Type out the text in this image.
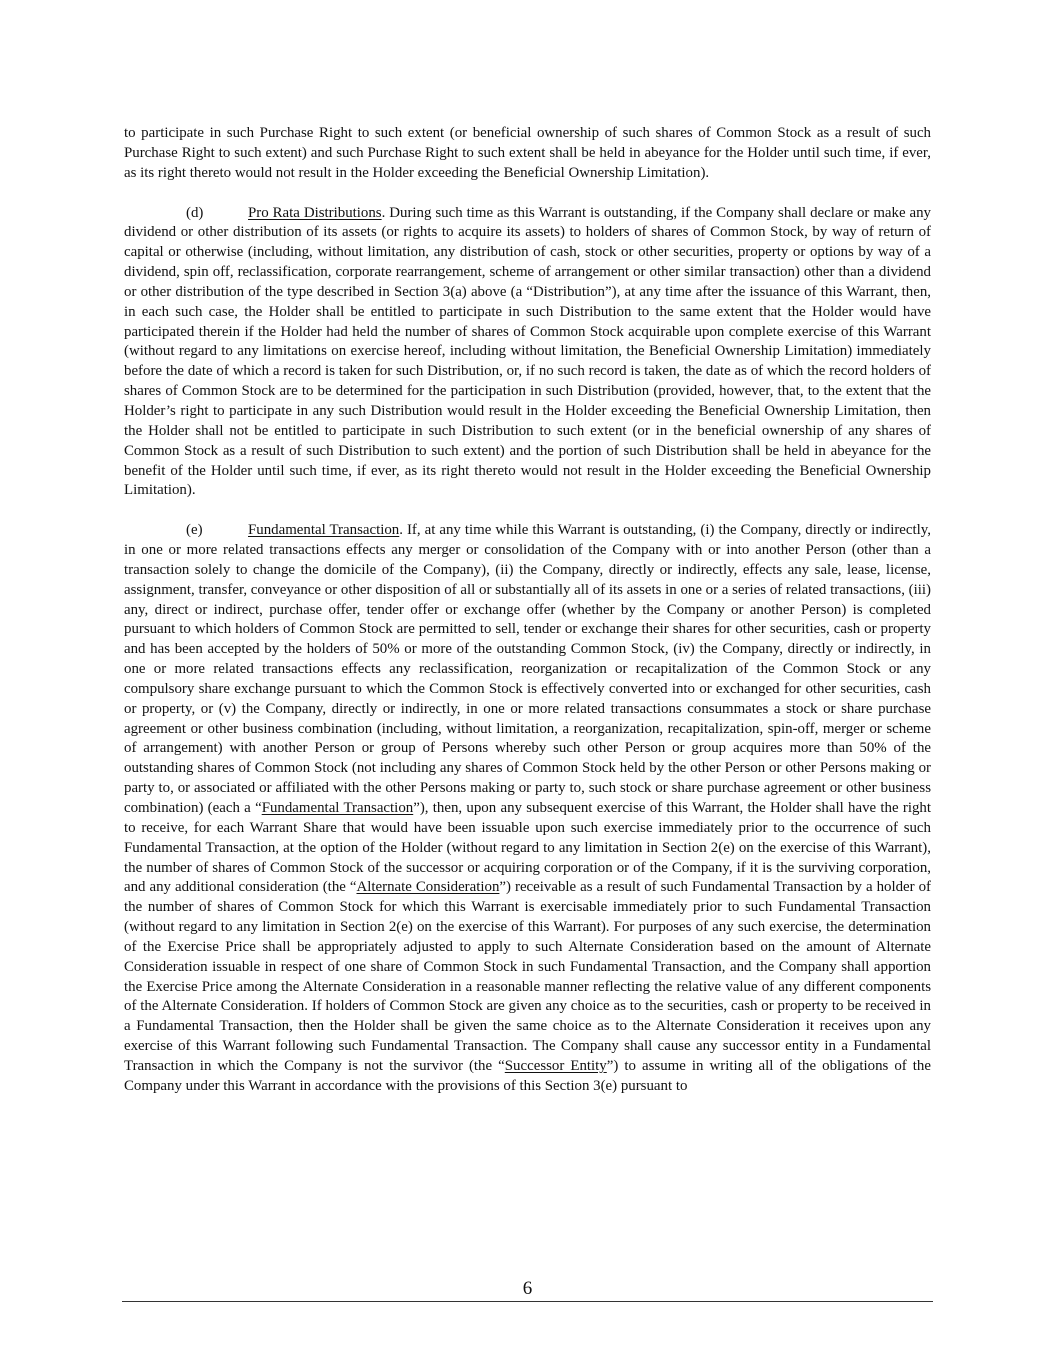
to participate in such Purchase Right to such extent (or beneficial ownership of such shares of Common Stock as a result of such Purchase Right to such extent) and such Purchase Right to such extent shall be held in abeyance for the Holder until such time, if ever, as its right thereto would not result in the Holder exceeding the Beneficial Ownership Limitation).

(d)	Pro Rata Distributions. During such time as this Warrant is outstanding, if the Company shall declare or make any dividend or other distribution of its assets (or rights to acquire its assets) to holders of shares of Common Stock, by way of return of capital or otherwise (including, without limitation, any distribution of cash, stock or other securities, property or options by way of a dividend, spin off, reclassification, corporate rearrangement, scheme of arrangement or other similar transaction) other than a dividend or other distribution of the type described in Section 3(a) above (a “Distribution”), at any time after the issuance of this Warrant, then, in each such case, the Holder shall be entitled to participate in such Distribution to the same extent that the Holder would have participated therein if the Holder had held the number of shares of Common Stock acquirable upon complete exercise of this Warrant (without regard to any limitations on exercise hereof, including without limitation, the Beneficial Ownership Limitation) immediately before the date of which a record is taken for such Distribution, or, if no such record is taken, the date as of which the record holders of shares of Common Stock are to be determined for the participation in such Distribution (provided, however, that, to the extent that the Holder’s right to participate in any such Distribution would result in the Holder exceeding the Beneficial Ownership Limitation, then the Holder shall not be entitled to participate in such Distribution to such extent (or in the beneficial ownership of any shares of Common Stock as a result of such Distribution to such extent) and the portion of such Distribution shall be held in abeyance for the benefit of the Holder until such time, if ever, as its right thereto would not result in the Holder exceeding the Beneficial Ownership Limitation).

(e)	Fundamental Transaction. If, at any time while this Warrant is outstanding, (i) the Company, directly or indirectly, in one or more related transactions effects any merger or consolidation of the Company with or into another Person (other than a transaction solely to change the domicile of the Company), (ii) the Company, directly or indirectly, effects any sale, lease, license, assignment, transfer, conveyance or other disposition of all or substantially all of its assets in one or a series of related transactions, (iii) any, direct or indirect, purchase offer, tender offer or exchange offer (whether by the Company or another Person) is completed pursuant to which holders of Common Stock are permitted to sell, tender or exchange their shares for other securities, cash or property and has been accepted by the holders of 50% or more of the outstanding Common Stock, (iv) the Company, directly or indirectly, in one or more related transactions effects any reclassification, reorganization or recapitalization of the Common Stock or any compulsory share exchange pursuant to which the Common Stock is effectively converted into or exchanged for other securities, cash or property, or (v) the Company, directly or indirectly, in one or more related transactions consummates a stock or share purchase agreement or other business combination (including, without limitation, a reorganization, recapitalization, spin-off, merger or scheme of arrangement) with another Person or group of Persons whereby such other Person or group acquires more than 50% of the outstanding shares of Common Stock (not including any shares of Common Stock held by the other Person or other Persons making or party to, or associated or affiliated with the other Persons making or party to, such stock or share purchase agreement or other business combination) (each a “Fundamental Transaction”), then, upon any subsequent exercise of this Warrant, the Holder shall have the right to receive, for each Warrant Share that would have been issuable upon such exercise immediately prior to the occurrence of such Fundamental Transaction, at the option of the Holder (without regard to any limitation in Section 2(e) on the exercise of this Warrant), the number of shares of Common Stock of the successor or acquiring corporation or of the Company, if it is the surviving corporation, and any additional consideration (the “Alternate Consideration”) receivable as a result of such Fundamental Transaction by a holder of the number of shares of Common Stock for which this Warrant is exercisable immediately prior to such Fundamental Transaction (without regard to any limitation in Section 2(e) on the exercise of this Warrant). For purposes of any such exercise, the determination of the Exercise Price shall be appropriately adjusted to apply to such Alternate Consideration based on the amount of Alternate Consideration issuable in respect of one share of Common Stock in such Fundamental Transaction, and the Company shall apportion the Exercise Price among the Alternate Consideration in a reasonable manner reflecting the relative value of any different components of the Alternate Consideration. If holders of Common Stock are given any choice as to the securities, cash or property to be received in a Fundamental Transaction, then the Holder shall be given the same choice as to the Alternate Consideration it receives upon any exercise of this Warrant following such Fundamental Transaction. The Company shall cause any successor entity in a Fundamental Transaction in which the Company is not the survivor (the “Successor Entity”) to assume in writing all of the obligations of the Company under this Warrant in accordance with the provisions of this Section 3(e) pursuant to

6
